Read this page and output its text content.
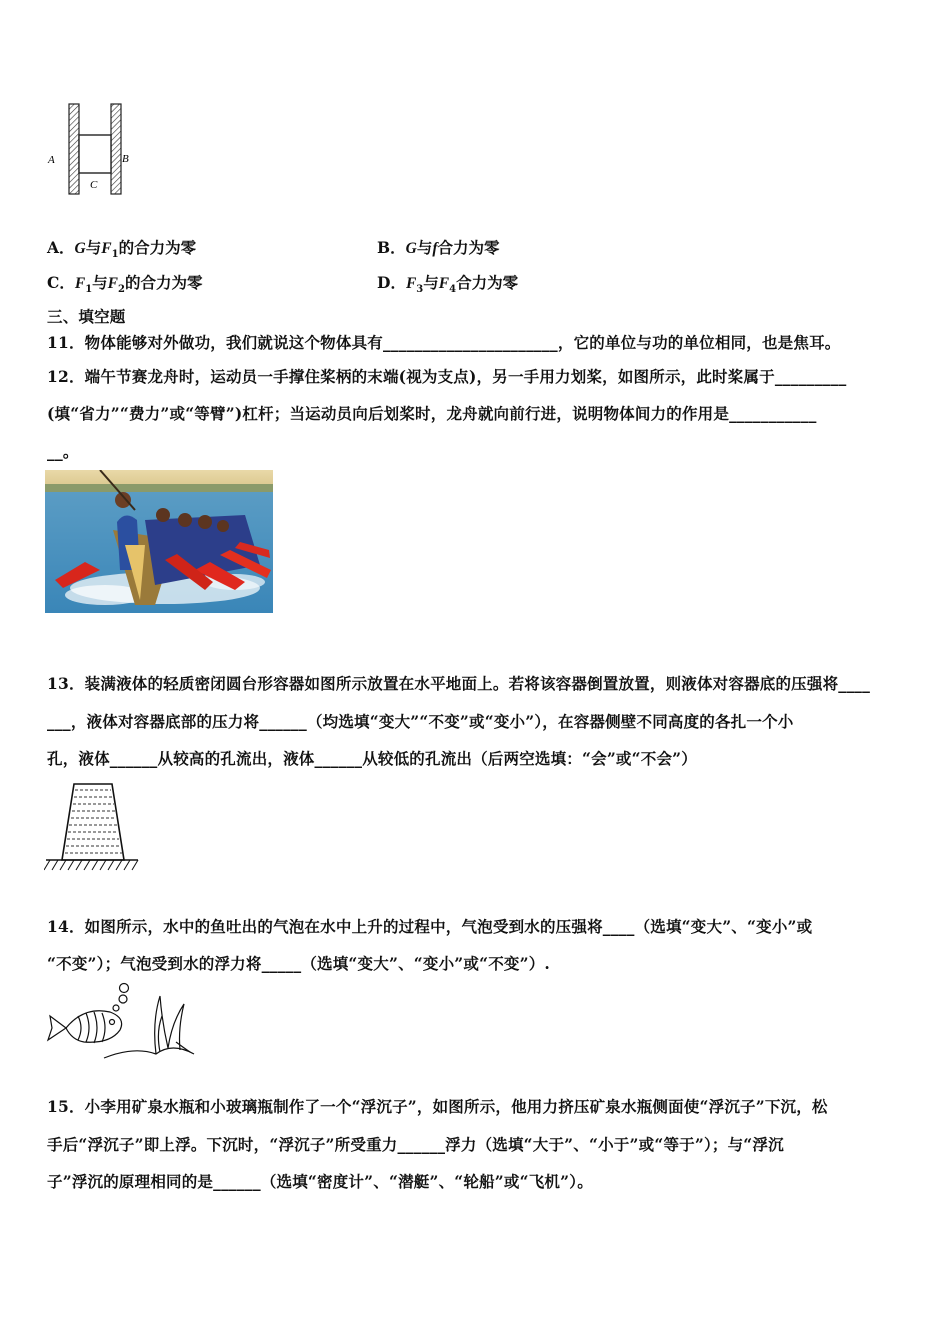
A	B
C
A．G与$F_1$的合力为零	B．G与f合力为零
C．$F_1$与$F_2$的合力为零	D．$F_3$与$F_4$合力为零
三、填空题
11．物体能够对外做功，我们就说这个物体具有______________________，它的单位与功的单位相同，也是焦耳。
12．端午节赛龙舟时，运动员一手撑住桨柄的末端(视为支点)，另一手用力划桨，如图所示，此时桨属于_________
(填“省力”“费力”或“等臂”)杠杆；当运动员向后划桨时，龙舟就向前行进，说明物体间力的作用是___________
__。
13．装满液体的轻质密闭圆台形容器如图所示放置在水平地面上。若将该容器倒置放置，则液体对容器底的压强将____
___，液体对容器底部的压力将______（均选填“变大”“不变”或“变小”），在容器侧壁不同高度的各扎一个小
孔，液体______从较高的孔流出，液体______从较低的孔流出（后两空选填：“会”或“不会”）
14．如图所示，水中的鱼吐出的气泡在水中上升的过程中，气泡受到水的压强将____（选填“变大”、“变小”或
“不变”）；气泡受到水的浮力将_____（选填“变大”、“变小”或“不变”）.
15．小李用矿泉水瓶和小玻璃瓶制作了一个“浮沉子”，如图所示，他用力挤压矿泉水瓶侧面使“浮沉子”下沉，松
手后“浮沉子”即上浮。下沉时，“浮沉子”所受重力______浮力（选填“大于”、“小于”或“等于”）；与“浮沉
子”浮沉的原理相同的是______（选填“密度计”、“潜艇”、“轮船”或“飞机”）。
